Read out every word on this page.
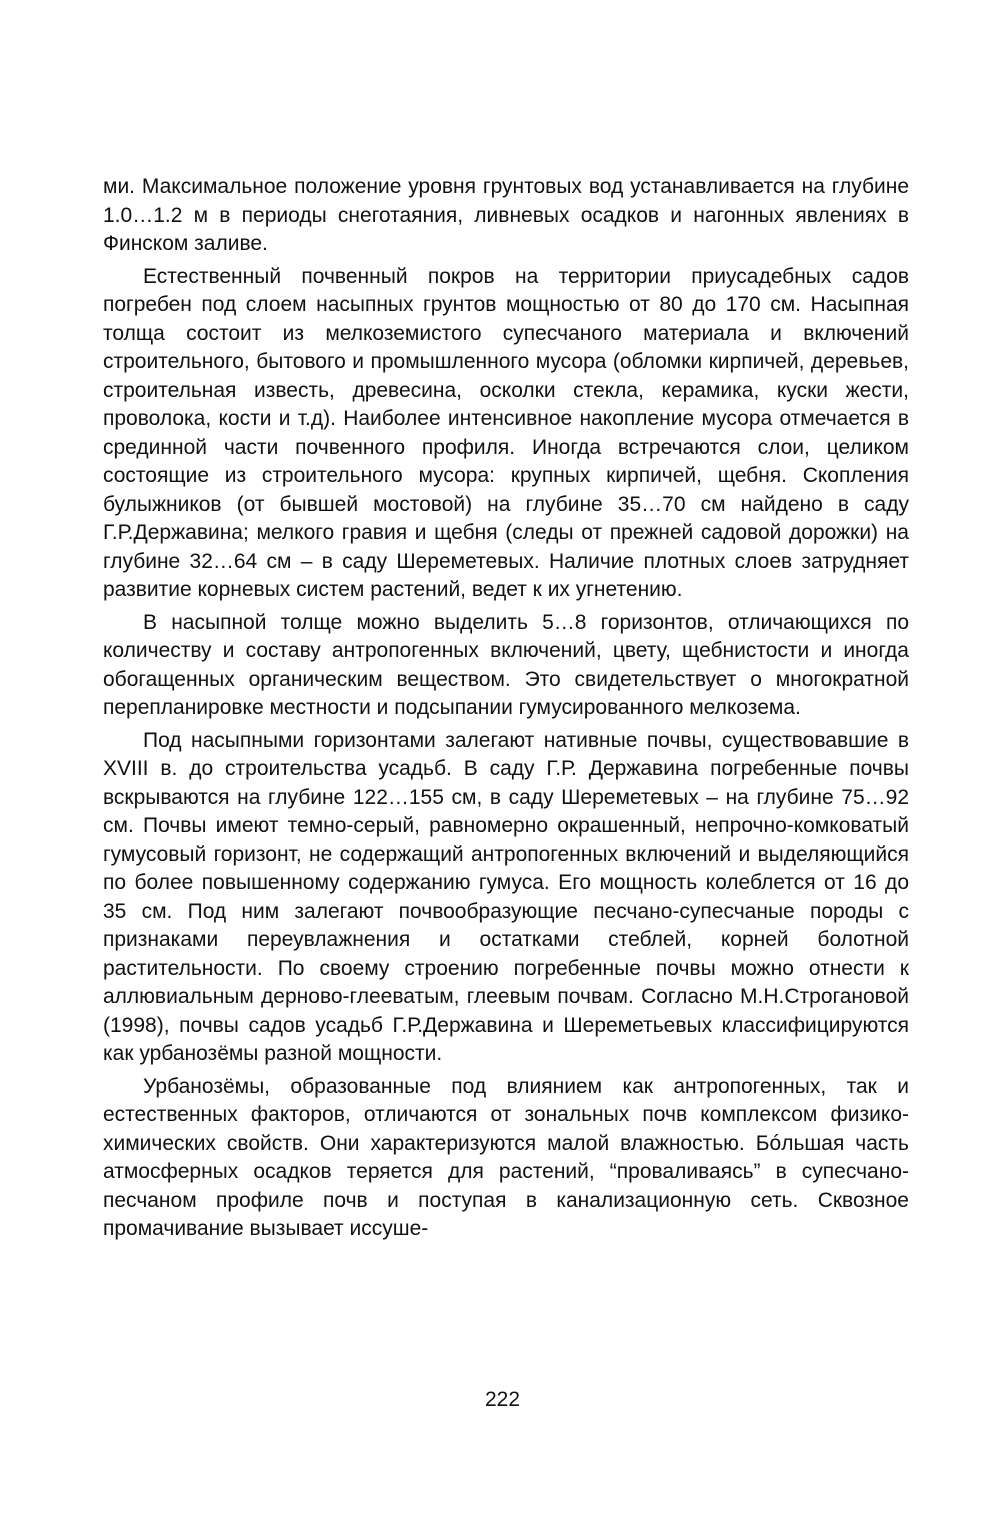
ми. Максимальное положение уровня грунтовых вод устанавливается на глубине 1.0…1.2 м в периоды снеготаяния, ливневых осадков и нагонных явлениях в Финском заливе.

Естественный почвенный покров на территории приусадебных садов погребен под слоем насыпных грунтов мощностью от 80 до 170 см. Насыпная толща состоит из мелкоземистого супесчаного материала и включений строительного, бытового и промышленного мусора (обломки кирпичей, деревьев, строительная известь, древесина, осколки стекла, керамика, куски жести, проволока, кости и т.д). Наиболее интенсивное накопление мусора отмечается в срединной части почвенного профиля. Иногда встречаются слои, целиком состоящие из строительного мусора: крупных кирпичей, щебня. Скопления булыжников (от бывшей мостовой) на глубине 35…70 см найдено в саду Г.Р.Державина; мелкого гравия и щебня (следы от прежней садовой дорожки) на глубине 32…64 см – в саду Шереметевых. Наличие плотных слоев затрудняет развитие корневых систем растений, ведет к их угнетению.

В насыпной толще можно выделить 5…8 горизонтов, отличающихся по количеству и составу антропогенных включений, цвету, щебнистости и иногда обогащенных органическим веществом. Это свидетельствует о многократной перепланировке местности и подсыпании гумусированного мелкозема.

Под насыпными горизонтами залегают нативные почвы, существовавшие в XVIII в. до строительства усадьб. В саду Г.Р. Державина погребенные почвы вскрываются на глубине 122…155 см, в саду Шереметевых – на глубине 75…92 см. Почвы имеют темно-серый, равномерно окрашенный, непрочно-комковатый гумусовый горизонт, не содержащий антропогенных включений и выделяющийся по более повышенному содержанию гумуса. Его мощность колеблется от 16 до 35 см. Под ним залегают почвообразующие песчано-супесчаные породы с признаками переувлажнения и остатками стеблей, корней болотной растительности. По своему строению погребенные почвы можно отнести к аллювиальным дерново-глееватым, глеевым почвам. Согласно М.Н.Строгановой (1998), почвы садов усадьб Г.Р.Державина и Шереметьевых классифицируются как урбанозёмы разной мощности.

Урбанозёмы, образованные под влиянием как антропогенных, так и естественных факторов, отличаются от зональных почв комплексом физико-химических свойств. Они характеризуются малой влажностью. Бóльшая часть атмосферных осадков теряется для растений, “проваливаясь” в супесчано-песчаном профиле почв и поступая в канализационную сеть. Сквозное промачивание вызывает иссуше-

222
